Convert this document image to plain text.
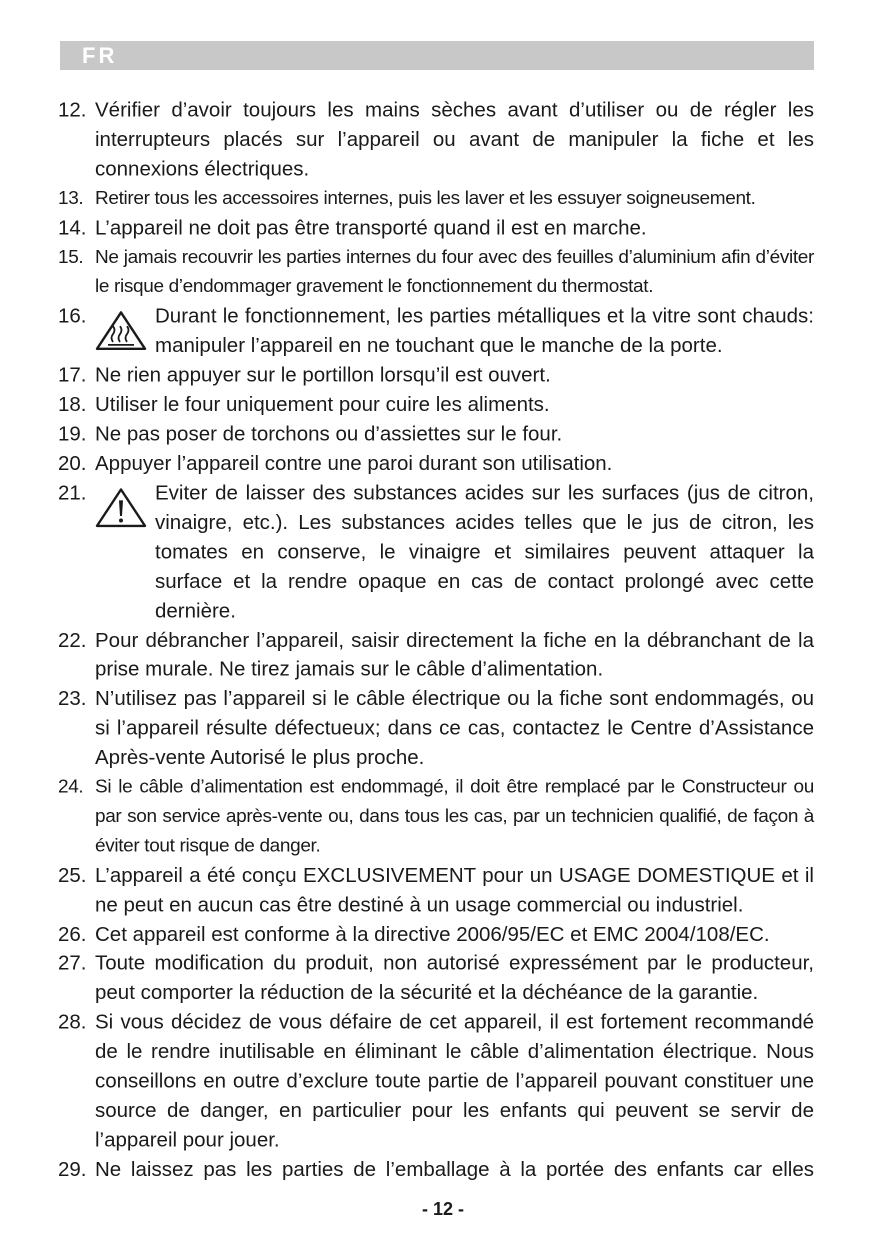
FR
12. Vérifier d’avoir toujours les mains sèches avant d’utiliser ou de régler les interrupteurs placés sur l’appareil ou avant de manipuler la fiche et les connexions électriques.
13. Retirer tous les accessoires internes, puis les laver et les essuyer soigneusement.
14. L’appareil ne doit pas être transporté quand il est en marche.
15. Ne jamais recouvrir les parties internes du four avec des feuilles d’aluminium afin d’éviter le risque d’endommager gravement le fonctionnement du thermostat.
16.	Durant le fonctionnement, les parties métalliques et la vitre sont chauds: manipuler l’appareil en ne touchant que le manche de la porte.
17. Ne rien appuyer sur le portillon lorsqu’il est ouvert.
18. Utiliser le four uniquement pour cuire les aliments.
19. Ne pas poser de torchons ou d’assiettes sur le four.
20. Appuyer l’appareil contre une paroi durant son utilisation.
21.	Eviter de laisser des substances acides sur les surfaces (jus de citron, vinaigre, etc.). Les substances acides telles que le jus de citron, les tomates en conserve, le vinaigre et similaires peuvent attaquer la surface et la rendre opaque en cas de contact prolongé avec cette dernière.
22. Pour débrancher l’appareil, saisir directement la fiche en la débranchant de la prise murale. Ne tirez jamais sur le câble d’alimentation.
23. N’utilisez pas l’appareil si le câble électrique ou la fiche sont endommagés, ou si l’appareil résulte défectueux; dans ce cas, contactez le Centre d’Assistance Après-vente Autorisé le plus proche.
24. Si le câble d’alimentation est endommagé, il doit être remplacé par le Constructeur ou par son service après-vente ou, dans tous les cas, par un technicien qualifié, de façon à éviter tout risque de danger.
25. L’appareil a été conçu EXCLUSIVEMENT pour un USAGE DOMESTIQUE et il ne peut en aucun cas être destiné à un usage commercial ou industriel.
26. Cet appareil est conforme à la directive 2006/95/EC et EMC 2004/108/EC.
27. Toute modification du produit, non autorisé expressément par le producteur, peut comporter la réduction de la sécurité et la déchéance de la garantie.
28. Si vous décidez de vous défaire de cet appareil, il est fortement recommandé de le rendre inutilisable en éliminant le câble d’alimentation électrique. Nous conseillons en outre d’exclure toute partie de l’appareil pouvant constituer une source de danger, en particulier pour les enfants qui peuvent se servir de l’appareil pour jouer.
29. Ne laissez pas les parties de l’emballage à la portée des enfants car elles
- 12 -
